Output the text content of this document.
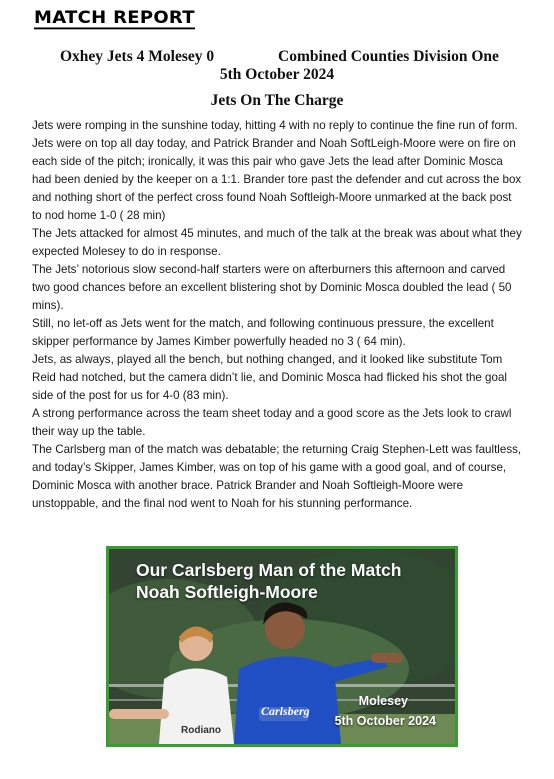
MATCH REPORT
Oxhey Jets 4 Molesey 0	Combined Counties Division One
5th October 2024
Jets On The Charge

Jets were romping in the sunshine today, hitting 4 with no reply to continue the fine run of form.

Jets were on top all day today, and Patrick Brander and Noah SoftLeigh-Moore were on fire on each side of the pitch; ironically, it was this pair who gave Jets the lead after Dominic Mosca had been denied by the keeper on a 1:1. Brander tore past the defender and cut across the box and nothing short of the perfect cross found Noah Softleigh-Moore unmarked at the back post to nod home 1-0 ( 28 min)

The Jets attacked for almost 45 minutes, and much of the talk at the break was about what they expected Molesey to do in response.

The Jets’ notorious slow second-half starters were on afterburners this afternoon and carved two good chances before an excellent blistering shot by Dominic Mosca doubled the lead ( 50 mins).

Still, no let-off as Jets went for the match, and following continuous pressure, the excellent skipper performance by James Kimber powerfully headed no 3 ( 64 min).

Jets, as always, played all the bench, but nothing changed, and it looked like substitute Tom Reid had notched, but the camera didn’t lie, and Dominic Mosca had flicked his shot the goal side of the post for us for 4-0 (83 min).

A strong performance across the team sheet today and a good score as the Jets look to crawl their way up the table.

The Carlsberg man of the match was debatable; the returning Craig Stephen-Lett was faultless, and today’s Skipper, James Kimber, was on top of his game with a good goal, and of course, Dominic Mosca with another brace. Patrick Brander and Noah Softleigh-Moore were unstoppable, and the final nod went to Noah for his stunning performance.

Our Carlsberg Man of the Match
Noah Softleigh-Moore
Carlsberg
Rodiano
Molesey
5th October 2024
